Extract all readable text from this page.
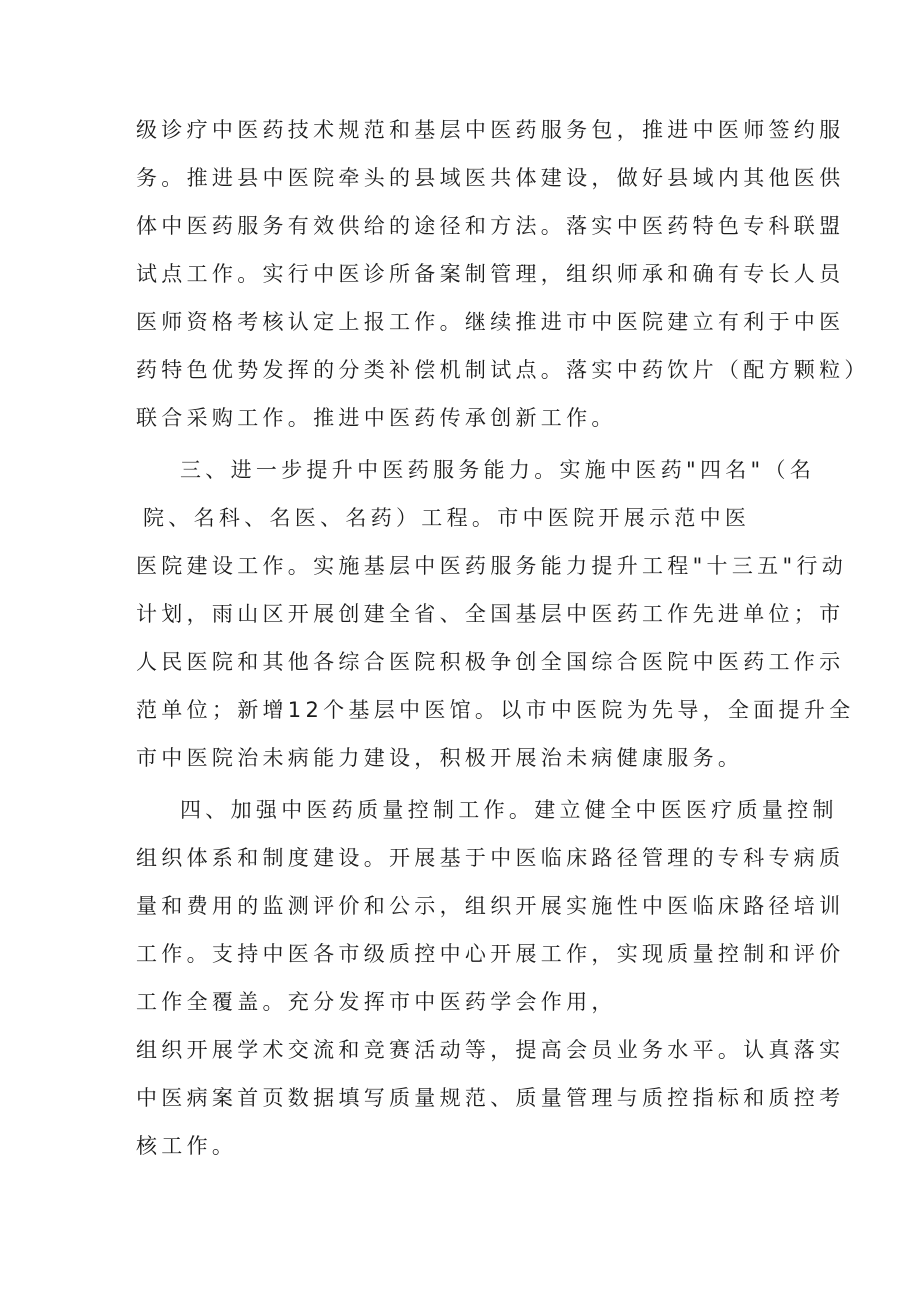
级诊疗中医药技术规范和基层中医药服务包，推进中医师签约服
务。推进县中医院牵头的县域医共体建设，做好县域内其他医供
体中医药服务有效供给的途径和方法。落实中医药特色专科联盟
试点工作。实行中医诊所备案制管理，组织师承和确有专长人员
医师资格考核认定上报工作。继续推进市中医院建立有利于中医
药特色优势发挥的分类补偿机制试点。落实中药饮片（配方颗粒）
联合采购工作。推进中医药传承创新工作。
三、进一步提升中医药服务能力。实施中医药"四名"（名
院、名科、名医、名药）工程。市中医院开展示范中医
医院建设工作。实施基层中医药服务能力提升工程"十三五"行动
计划，雨山区开展创建全省、全国基层中医药工作先进单位；市
人民医院和其他各综合医院积极争创全国综合医院中医药工作示
范单位；新增12个基层中医馆。以市中医院为先导，全面提升全
市中医院治未病能力建设，积极开展治未病健康服务。
四、加强中医药质量控制工作。建立健全中医医疗质量控制
组织体系和制度建设。开展基于中医临床路径管理的专科专病质
量和费用的监测评价和公示，组织开展实施性中医临床路径培训
工作。支持中医各市级质控中心开展工作，实现质量控制和评价
工作全覆盖。充分发挥市中医药学会作用，
组织开展学术交流和竞赛活动等，提高会员业务水平。认真落实
中医病案首页数据填写质量规范、质量管理与质控指标和质控考
核工作。
